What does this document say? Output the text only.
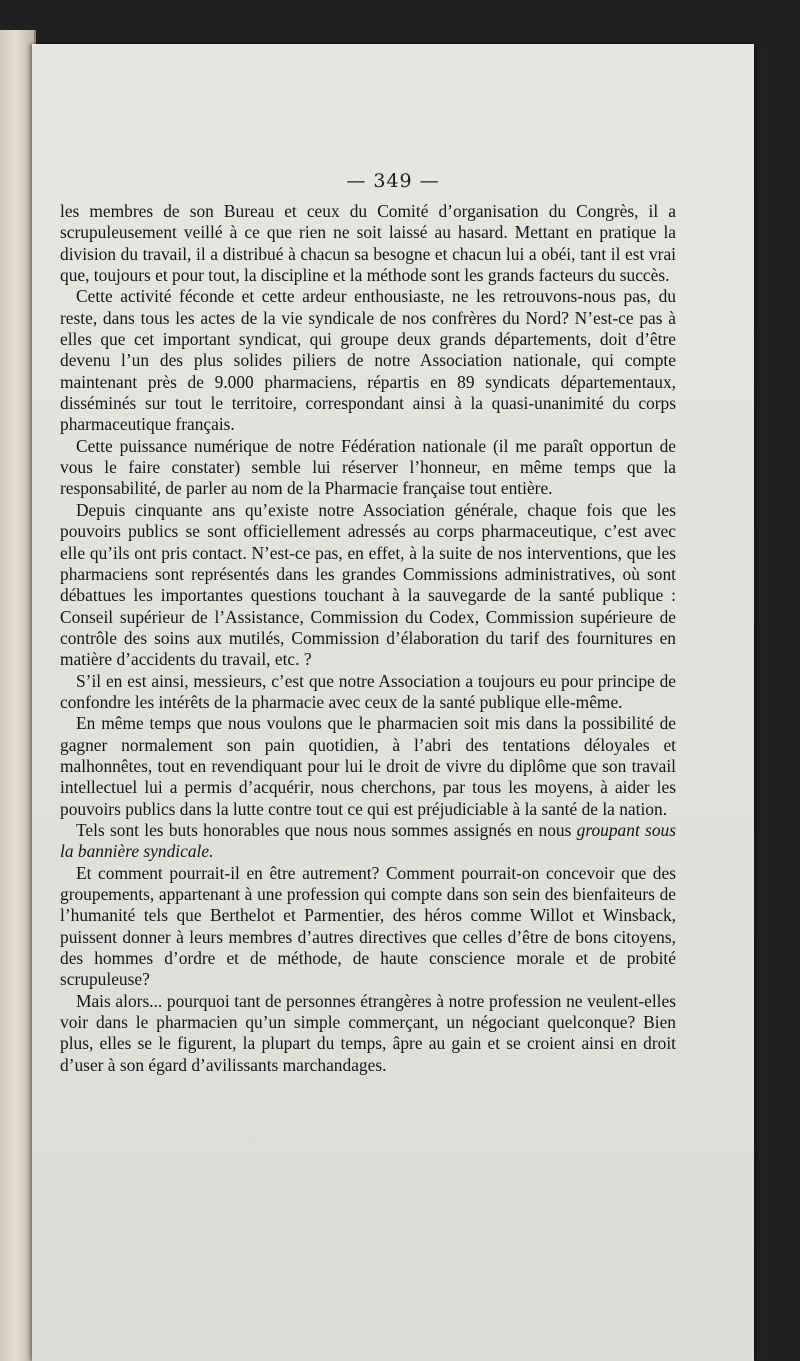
— 349 —

les membres de son Bureau et ceux du Comité d’organisation du Congrès, il a scrupuleusement veillé à ce que rien ne soit laissé au hasard. Mettant en pratique la division du travail, il a distribué à chacun sa besogne et chacun lui a obéi, tant il est vrai que, toujours et pour tout, la discipline et la méthode sont les grands facteurs du succès.

Cette activité féconde et cette ardeur enthousiaste, ne les retrouvons-nous pas, du reste, dans tous les actes de la vie syndicale de nos confrères du Nord? N’est-ce pas à elles que cet important syndicat, qui groupe deux grands départements, doit d’être devenu l’un des plus solides piliers de notre Association nationale, qui compte maintenant près de 9.000 pharmaciens, répartis en 89 syndicats départementaux, disséminés sur tout le territoire, correspondant ainsi à la quasi-unanimité du corps pharmaceutique français.

Cette puissance numérique de notre Fédération nationale (il me paraît opportun de vous le faire constater) semble lui réserver l’honneur, en même temps que la responsabilité, de parler au nom de la Pharmacie française tout entière.

Depuis cinquante ans qu’existe notre Association générale, chaque fois que les pouvoirs publics se sont officiellement adressés au corps pharmaceutique, c’est avec elle qu’ils ont pris contact. N’est-ce pas, en effet, à la suite de nos interventions, que les pharmaciens sont représentés dans les grandes Commissions administratives, où sont débattues les importantes questions touchant à la sauvegarde de la santé publique : Conseil supérieur de l’Assistance, Commission du Codex, Commission supérieure de contrôle des soins aux mutilés, Commission d’élaboration du tarif des fournitures en matière d’accidents du travail, etc. ?

S’il en est ainsi, messieurs, c’est que notre Association a toujours eu pour principe de confondre les intérêts de la pharmacie avec ceux de la santé publique elle-même.

En même temps que nous voulons que le pharmacien soit mis dans la possibilité de gagner normalement son pain quotidien, à l’abri des tentations déloyales et malhonnêtes, tout en revendiquant pour lui le droit de vivre du diplôme que son travail intellectuel lui a permis d’acquérir, nous cherchons, par tous les moyens, à aider les pouvoirs publics dans la lutte contre tout ce qui est préjudiciable à la santé de la nation.

Tels sont les buts honorables que nous nous sommes assignés en nous groupant sous la bannière syndicale.

Et comment pourrait-il en être autrement? Comment pourrait-on concevoir que des groupements, appartenant à une profession qui compte dans son sein des bienfaiteurs de l’humanité tels que Berthelot et Parmentier, des héros comme Willot et Winsback, puissent donner à leurs membres d’autres directives que celles d’être de bons citoyens, des hommes d’ordre et de méthode, de haute conscience morale et de probité scrupuleuse?

Mais alors... pourquoi tant de personnes étrangères à notre profession ne veulent-elles voir dans le pharmacien qu’un simple commerçant, un négociant quelconque? Bien plus, elles se le figurent, la plupart du temps, âpre au gain et se croient ainsi en droit d’user à son égard d’avilissants marchandages.
